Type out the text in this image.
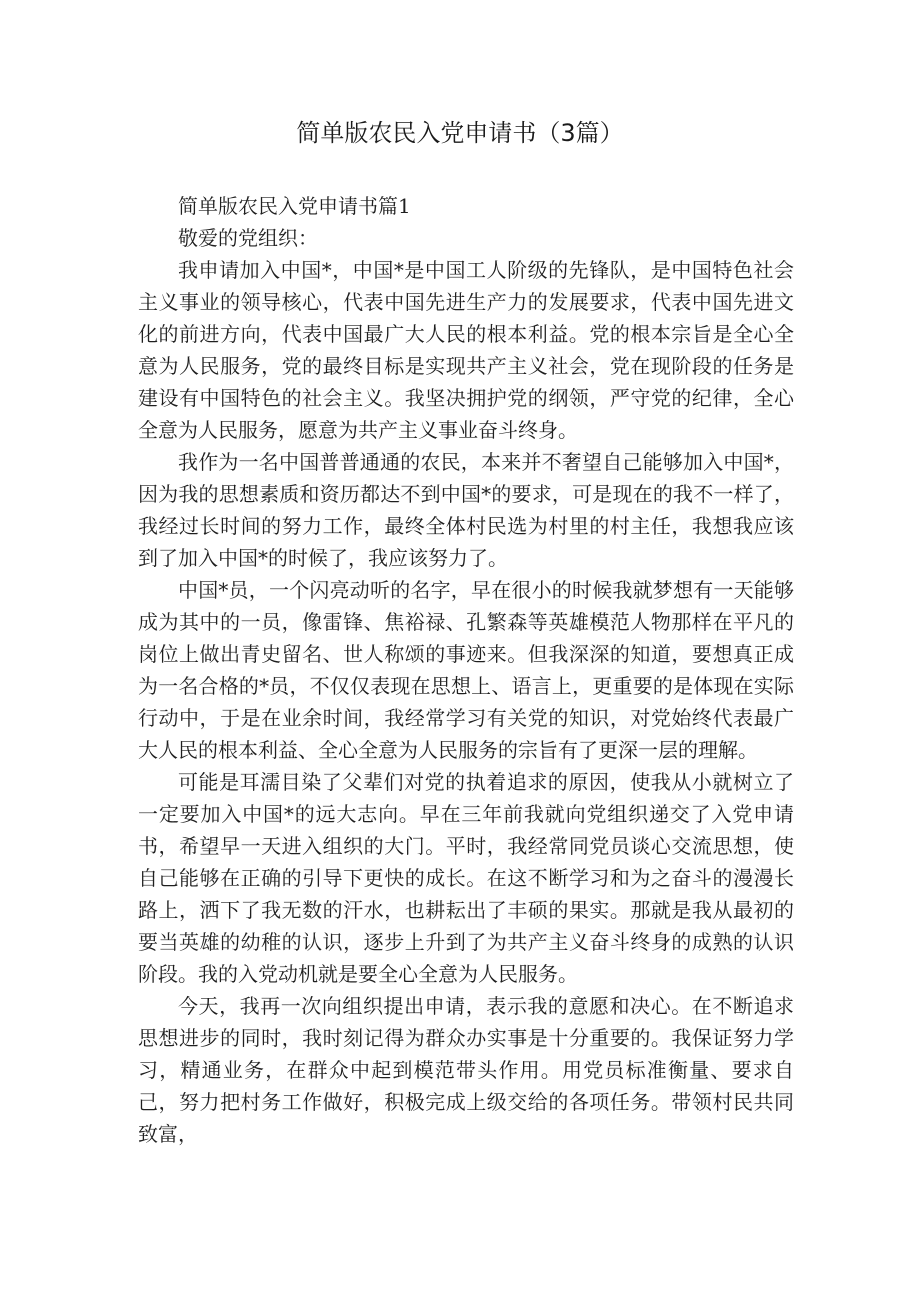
简单版农民入党申请书（3篇）

简单版农民入党申请书篇1

敬爱的党组织：

我申请加入中国*，中国*是中国工人阶级的先锋队，是中国特色社会主义事业的领导核心，代表中国先进生产力的发展要求，代表中国先进文化的前进方向，代表中国最广大人民的根本利益。党的根本宗旨是全心全意为人民服务，党的最终目标是实现共产主义社会，党在现阶段的任务是建设有中国特色的社会主义。我坚决拥护党的纲领，严守党的纪律，全心全意为人民服务，愿意为共产主义事业奋斗终身。

我作为一名中国普普通通的农民，本来并不奢望自己能够加入中国*，因为我的思想素质和资历都达不到中国*的要求，可是现在的我不一样了，我经过长时间的努力工作，最终全体村民选为村里的村主任，我想我应该到了加入中国*的时候了，我应该努力了。

中国*员，一个闪亮动听的名字，早在很小的时候我就梦想有一天能够成为其中的一员，像雷锋、焦裕禄、孔繁森等英雄模范人物那样在平凡的岗位上做出青史留名、世人称颂的事迹来。但我深深的知道，要想真正成为一名合格的*员，不仅仅表现在思想上、语言上，更重要的是体现在实际行动中，于是在业余时间，我经常学习有关党的知识，对党始终代表最广大人民的根本利益、全心全意为人民服务的宗旨有了更深一层的理解。

可能是耳濡目染了父辈们对党的执着追求的原因，使我从小就树立了一定要加入中国*的远大志向。早在三年前我就向党组织递交了入党申请书，希望早一天进入组织的大门。平时，我经常同党员谈心交流思想，使自己能够在正确的引导下更快的成长。在这不断学习和为之奋斗的漫漫长路上，洒下了我无数的汗水，也耕耘出了丰硕的果实。那就是我从最初的要当英雄的幼稚的认识，逐步上升到了为共产主义奋斗终身的成熟的认识阶段。我的入党动机就是要全心全意为人民服务。

今天，我再一次向组织提出申请，表示我的意愿和决心。在不断追求思想进步的同时，我时刻记得为群众办实事是十分重要的。我保证努力学习，精通业务，在群众中起到模范带头作用。用党员标准衡量、要求自己，努力把村务工作做好，积极完成上级交给的各项任务。带领村民共同致富，
